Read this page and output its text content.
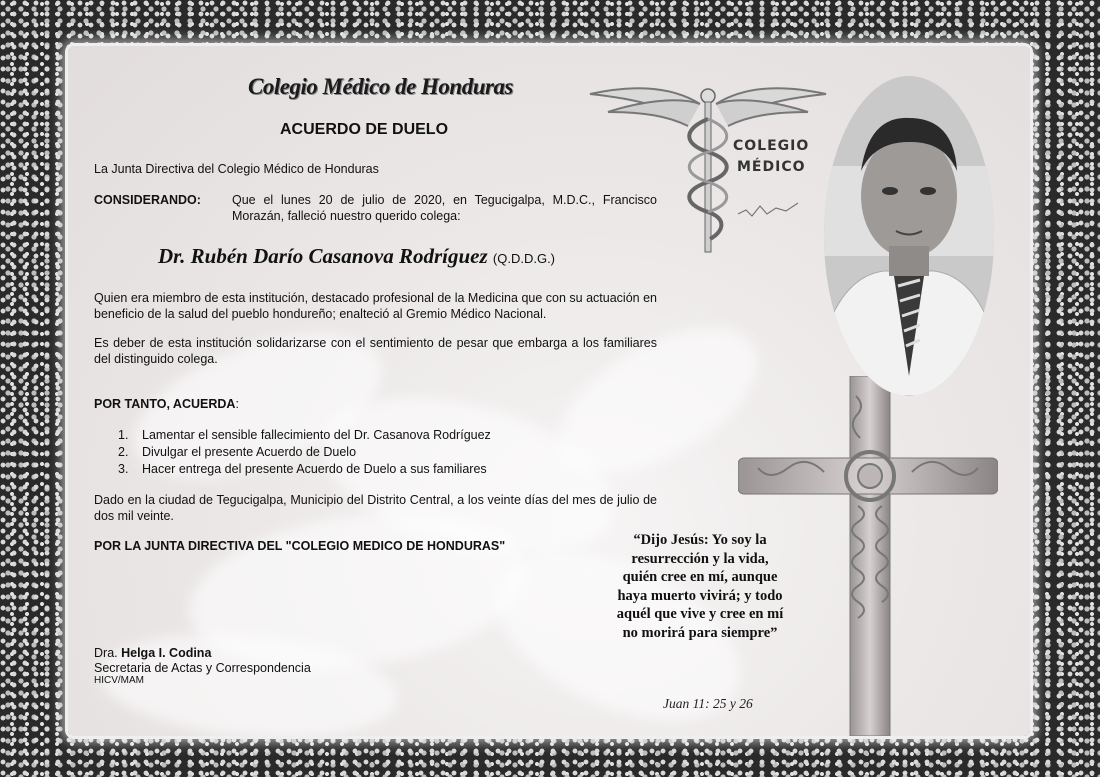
Colegio Médico de Honduras
ACUERDO DE DUELO
COLEGIO
MÉDICO
La Junta Directiva del Colegio Médico de Honduras
CONSIDERANDO: Que el lunes 20 de julio de 2020, en Tegucigalpa, M.D.C., Francisco Morazán, falleció nuestro querido colega:
Dr. Rubén Darío Casanova Rodríguez (Q.D.D.G.)
Quien era miembro de esta institución, destacado profesional de la Medicina que con su actuación en beneficio de la salud del pueblo hondureño; enalteció al Gremio Médico Nacional.
Es deber de esta institución solidarizarse con el sentimiento de pesar que embarga a los familiares del distinguido colega.
POR TANTO, ACUERDA:
1. Lamentar el sensible fallecimiento del Dr. Casanova Rodríguez
2. Divulgar el presente Acuerdo de Duelo
3. Hacer entrega del presente Acuerdo de Duelo a sus familiares
Dado en la ciudad de Tegucigalpa, Municipio del Distrito Central, a los veinte días del mes de julio de dos mil veinte.
POR LA JUNTA DIRECTIVA DEL "COLEGIO MEDICO DE HONDURAS"
Dra. Helga I. Codina
Secretaria de Actas y Correspondencia
HICV/MAM
“Dijo Jesús: Yo soy la resurrección y la vida, quién cree en mí, aunque haya muerto vivirá; y todo aquél que vive y cree en mí no morirá para siempre”
Juan 11: 25 y 26
